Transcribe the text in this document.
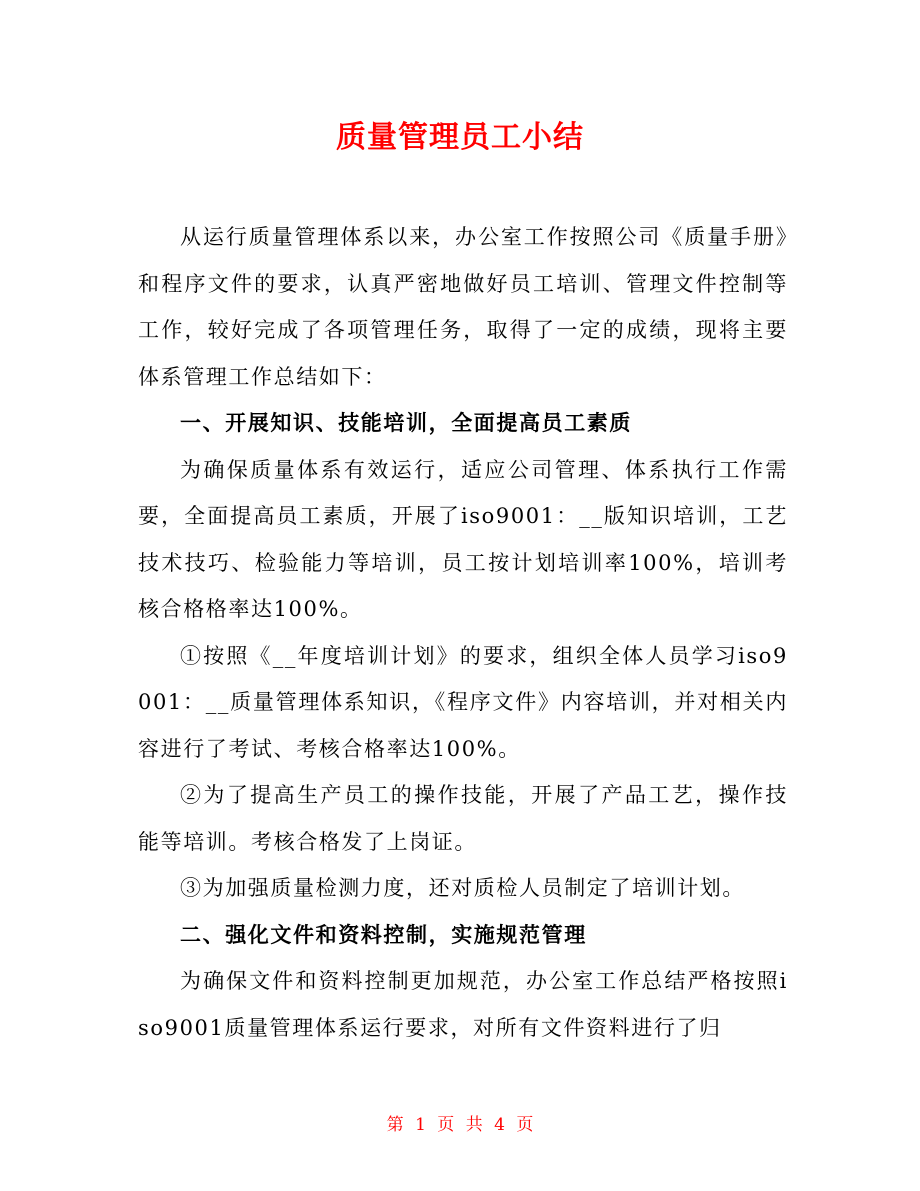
质量管理员工小结

从运行质量管理体系以来，办公室工作按照公司《质量手册》和程序文件的要求，认真严密地做好员工培训、管理文件控制等工作，较好完成了各项管理任务，取得了一定的成绩，现将主要体系管理工作总结如下：

一、开展知识、技能培训，全面提高员工素质

为确保质量体系有效运行，适应公司管理、体系执行工作需要，全面提高员工素质，开展了iso9001：__版知识培训，工艺技术技巧、检验能力等培训，员工按计划培训率100%，培训考核合格格率达100%。

①按照《__年度培训计划》的要求，组织全体人员学习iso9001：__质量管理体系知识，《程序文件》内容培训，并对相关内容进行了考试、考核合格率达100%。

②为了提高生产员工的操作技能，开展了产品工艺，操作技能等培训。考核合格发了上岗证。

③为加强质量检测力度，还对质检人员制定了培训计划。

二、强化文件和资料控制，实施规范管理

为确保文件和资料控制更加规范，办公室工作总结严格按照iso9001质量管理体系运行要求，对所有文件资料进行了归

第 1 页 共 4 页
